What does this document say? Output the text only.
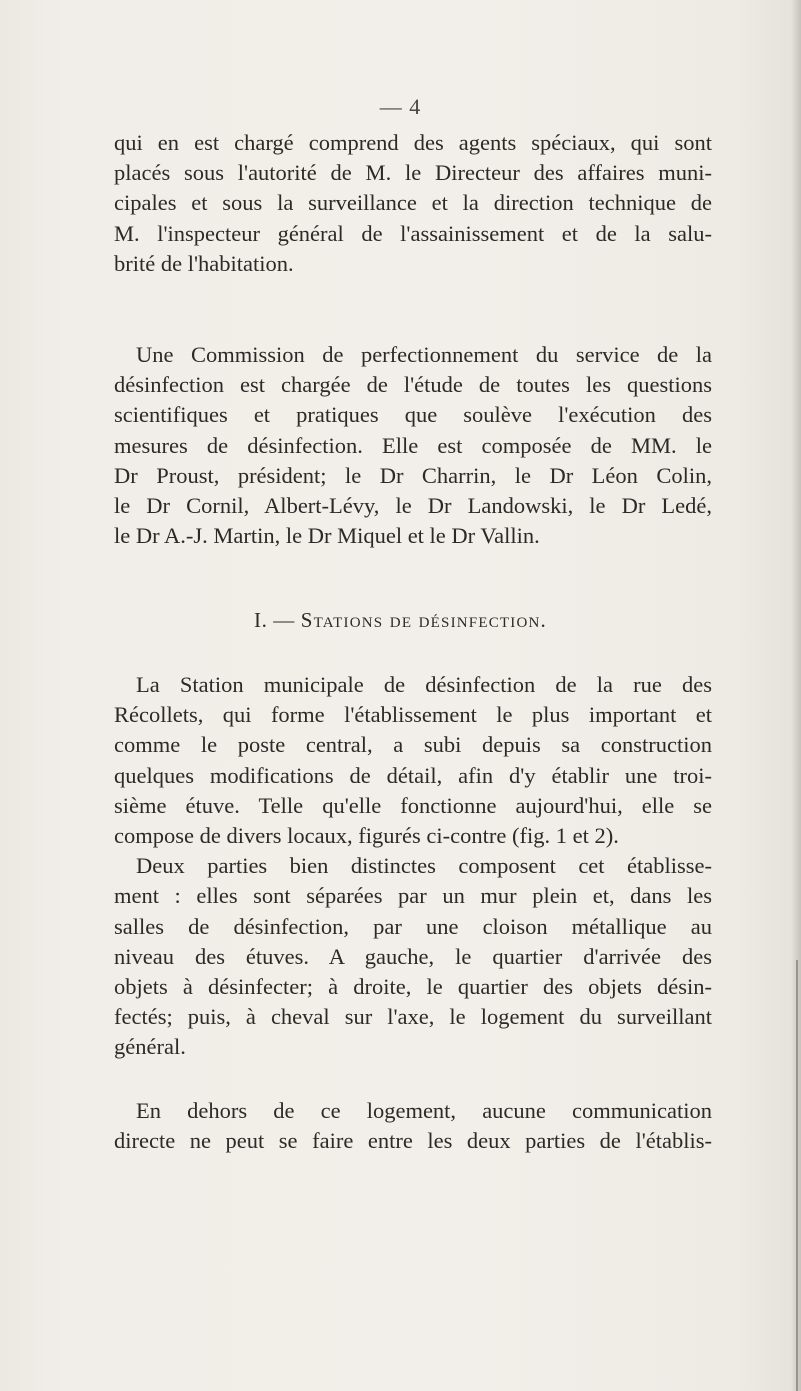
— 4
qui en est chargé comprend des agents spéciaux, qui sont
placés sous l'autorité de M. le Directeur des affaires muni-
cipales et sous la surveillance et la direction technique de
M. l'inspecteur général de l'assainissement et de la salu-
brité de l'habitation.
Une Commission de perfectionnement du service de la
désinfection est chargée de l'étude de toutes les questions
scientifiques et pratiques que soulève l'exécution des
mesures de désinfection. Elle est composée de MM. le
Dr Proust, président; le Dr Charrin, le Dr Léon Colin,
le Dr Cornil, Albert-Lévy, le Dr Landowski, le Dr Ledé,
le Dr A.-J. Martin, le Dr Miquel et le Dr Vallin.
I. — Stations de désinfection.
La Station municipale de désinfection de la rue des
Récollets, qui forme l'établissement le plus important et
comme le poste central, a subi depuis sa construction
quelques modifications de détail, afin d'y établir une troi-
sième étuve. Telle qu'elle fonctionne aujourd'hui, elle se
compose de divers locaux, figurés ci-contre (fig. 1 et 2).
Deux parties bien distinctes composent cet établisse-
ment : elles sont séparées par un mur plein et, dans les
salles de désinfection, par une cloison métallique au
niveau des étuves. A gauche, le quartier d'arrivée des
objets à désinfecter; à droite, le quartier des objets désin-
fectés; puis, à cheval sur l'axe, le logement du surveillant
général.
En dehors de ce logement, aucune communication
directe ne peut se faire entre les deux parties de l'établis-
